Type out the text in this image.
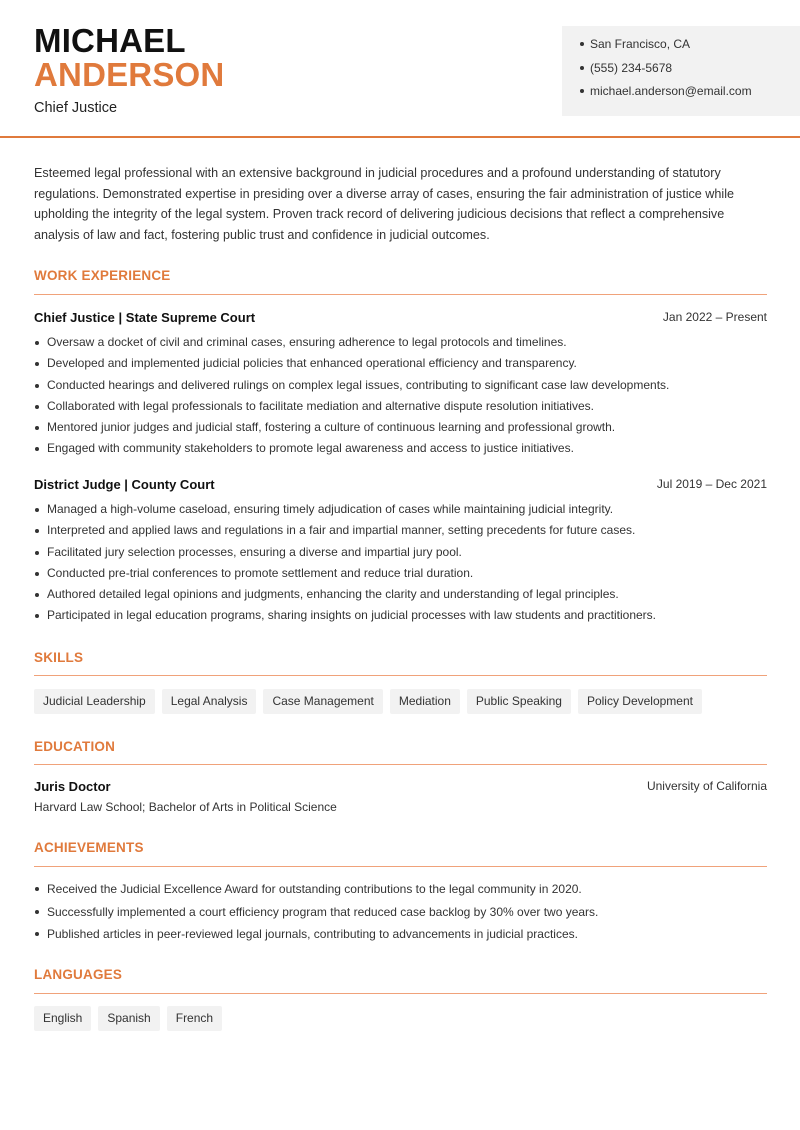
MICHAEL
ANDERSON
Chief Justice
San Francisco, CA
(555) 234-5678
michael.anderson@email.com

Esteemed legal professional with an extensive background in judicial procedures and a profound understanding of statutory regulations. Demonstrated expertise in presiding over a diverse array of cases, ensuring the fair administration of justice while upholding the integrity of the legal system. Proven track record of delivering judicious decisions that reflect a comprehensive analysis of law and fact, fostering public trust and confidence in judicial outcomes.

WORK EXPERIENCE
Chief Justice | State Supreme Court	Jan 2022 – Present
Oversaw a docket of civil and criminal cases, ensuring adherence to legal protocols and timelines.
Developed and implemented judicial policies that enhanced operational efficiency and transparency.
Conducted hearings and delivered rulings on complex legal issues, contributing to significant case law developments.
Collaborated with legal professionals to facilitate mediation and alternative dispute resolution initiatives.
Mentored junior judges and judicial staff, fostering a culture of continuous learning and professional growth.
Engaged with community stakeholders to promote legal awareness and access to justice initiatives.
District Judge | County Court	Jul 2019 – Dec 2021
Managed a high-volume caseload, ensuring timely adjudication of cases while maintaining judicial integrity.
Interpreted and applied laws and regulations in a fair and impartial manner, setting precedents for future cases.
Facilitated jury selection processes, ensuring a diverse and impartial jury pool.
Conducted pre-trial conferences to promote settlement and reduce trial duration.
Authored detailed legal opinions and judgments, enhancing the clarity and understanding of legal principles.
Participated in legal education programs, sharing insights on judicial processes with law students and practitioners.
SKILLS
Judicial Leadership	Legal Analysis	Case Management	Mediation	Public Speaking	Policy Development
EDUCATION
Juris Doctor	University of California
Harvard Law School; Bachelor of Arts in Political Science
ACHIEVEMENTS
Received the Judicial Excellence Award for outstanding contributions to the legal community in 2020.
Successfully implemented a court efficiency program that reduced case backlog by 30% over two years.
Published articles in peer-reviewed legal journals, contributing to advancements in judicial practices.
LANGUAGES
English	Spanish	French
